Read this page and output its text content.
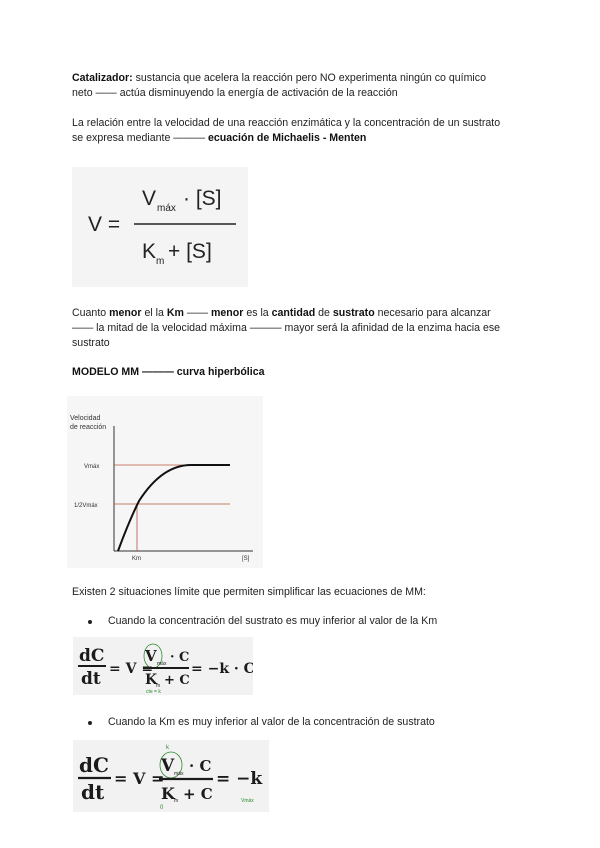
Catalizador: sustancia que acelera la reacción pero NO experimenta ningún co químico
neto —— actúa disminuyendo la energía de activación de la reacción
La relación entre la velocidad de una reacción enzimática y la concentración de un sustrato
se expresa mediante ——— ecuación de Michaelis - Menten
V =
V máx · [S]
K m + [S]
Cuanto menor el la Km —— menor es la cantidad de sustrato necesario para alcanzar
—— la mitad de la velocidad máxima ——— mayor será la afinidad de la enzima hacia ese
sustrato
MODELO MM ——— curva hiperbólica
Velocidad
de reacción
Vmáx
1/2Vmáx
Km	[S]
Existen 2 situaciones límite que permiten simplificar las ecuaciones de MM:
Cuando la concentración del sustrato es muy inferior al valor de la Km
dC
dt = V =
V máx · C
K
m + C
= −k · C
cte = k
Cuando la Km es muy inferior al valor de la concentración de sustrato
dC
dt
= V =
k
V máx · C
K m + C
= −k
Vmáx
0
